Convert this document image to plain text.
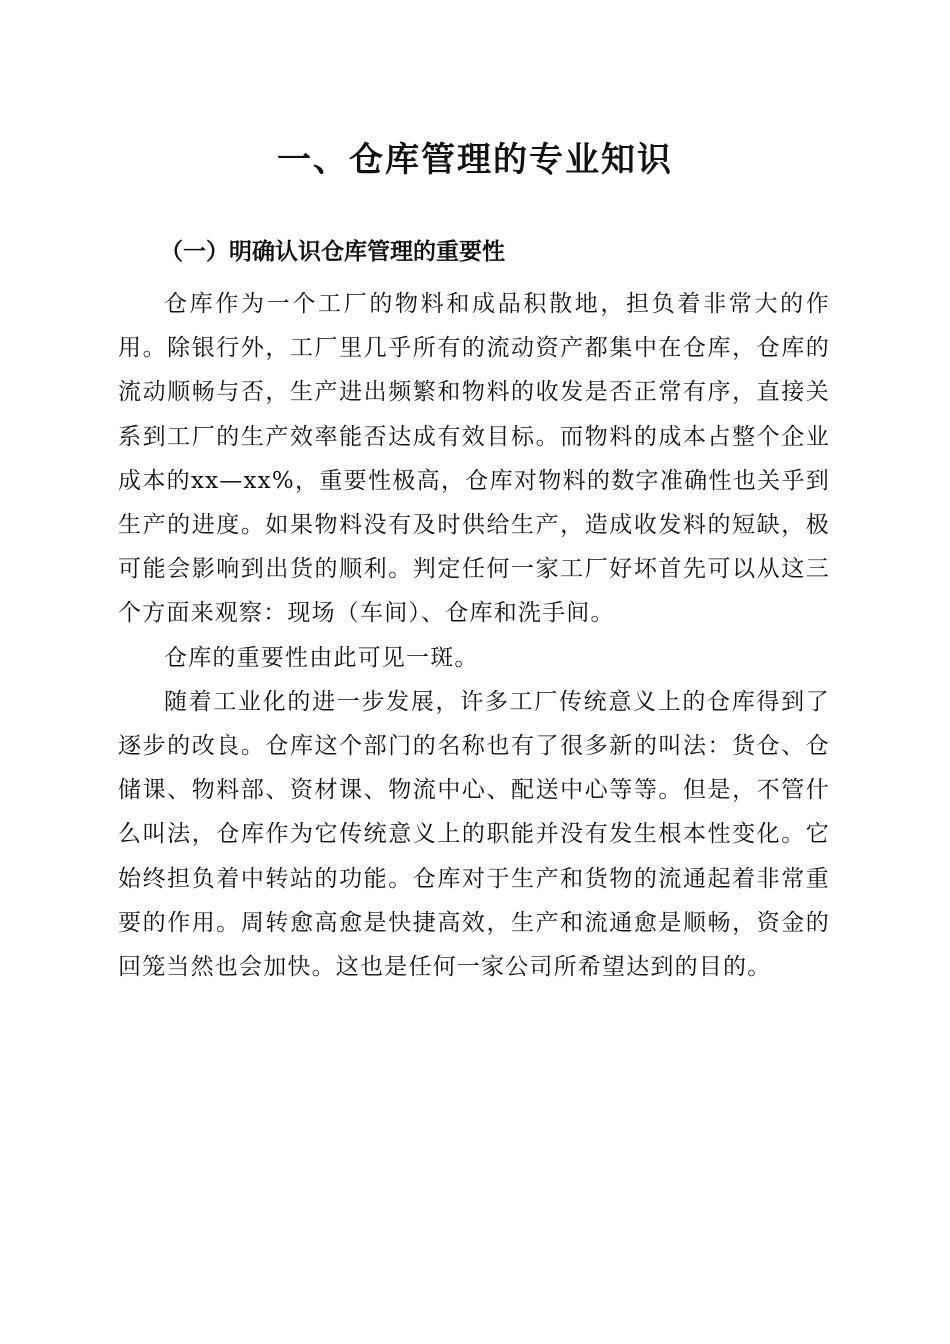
一、仓库管理的专业知识
（一）明确认识仓库管理的重要性

仓库作为一个工厂的物料和成品积散地，担负着非常大的作用。除银行外，工厂里几乎所有的流动资产都集中在仓库，仓库的流动顺畅与否，生产进出频繁和物料的收发是否正常有序，直接关系到工厂的生产效率能否达成有效目标。而物料的成本占整个企业成本的xx—xx%，重要性极高，仓库对物料的数字准确性也关乎到生产的进度。如果物料没有及时供给生产，造成收发料的短缺，极可能会影响到出货的顺利。判定任何一家工厂好坏首先可以从这三个方面来观察：现场（车间）、仓库和洗手间。

仓库的重要性由此可见一斑。

随着工业化的进一步发展，许多工厂传统意义上的仓库得到了逐步的改良。仓库这个部门的名称也有了很多新的叫法：货仓、仓储课、物料部、资材课、物流中心、配送中心等等。但是，不管什么叫法，仓库作为它传统意义上的职能并没有发生根本性变化。它始终担负着中转站的功能。仓库对于生产和货物的流通起着非常重要的作用。周转愈高愈是快捷高效，生产和流通愈是顺畅，资金的回笼当然也会加快。这也是任何一家公司所希望达到的目的。
